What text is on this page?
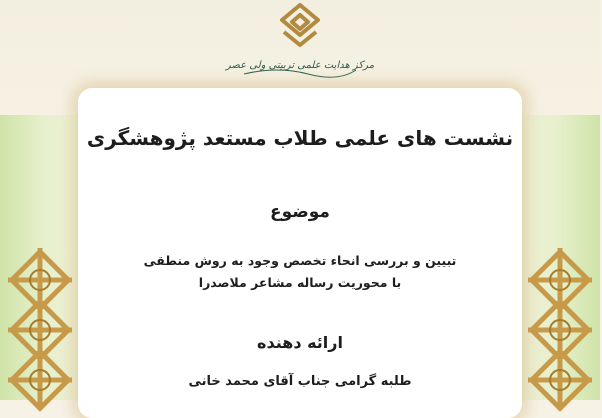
مرکز هدایت علمی تربیتی ولی عصر
نشست های علمی طلاب مستعد پژوهشگری
موضوع
تبیین و بررسی انحاء تخصص وجود به روش منطقی
با محوریت رساله مشاعر ملاصدرا
ارائه دهنده
طلبه گرامی جناب آقای محمد خانی
